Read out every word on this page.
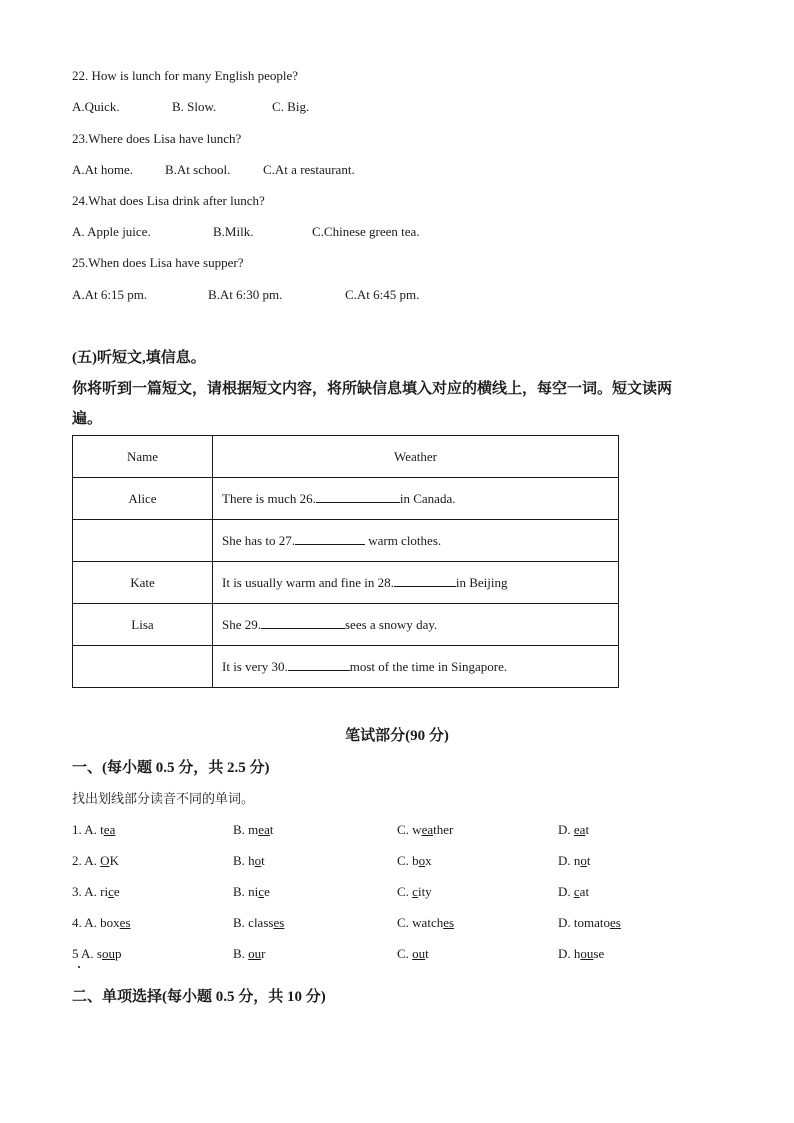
22. How is lunch for many English people?
A.Quick.	B. Slow.	C. Big.
23.Where does Lisa have lunch?
A.At home. B.At school.	C.At a restaurant.
24.What does Lisa drink after lunch?
A. Apple juice.	B.Milk.	C.Chinese green tea.
25.When does Lisa have supper?
A.At 6:15 pm.	B.At 6:30 pm.	C.At 6:45 pm.
(五)听短文,填信息。
你将听到一篇短文，请根据短文内容，将所缺信息填入对应的横线上，每空一词。短文读两
遍。
Name	Weather
Alice	There is much 26. in Canada.
	She has to 27. warm clothes.
Kate	It is usually warm and fine in 28. in Beijing
Lisa	She 29. sees a snowy day.
	It is very 30. most of the time in Singapore.
笔试部分(90 分)
一、(每小题 0.5 分，共 2.5 分)
找出划线部分读音不同的单词。
1. A. tea	B. meat	C. weather	D. eat
2. A. OK	B. hot	C. box	D. not
3. A. rice	B. nice	C. city	D. cat
4. A. boxes	B. classes	C. watches	D. tomatoes
5 A. soup	B. our	C. out	D. house
二、单项选择(每小题 0.5 分，共 10 分)
